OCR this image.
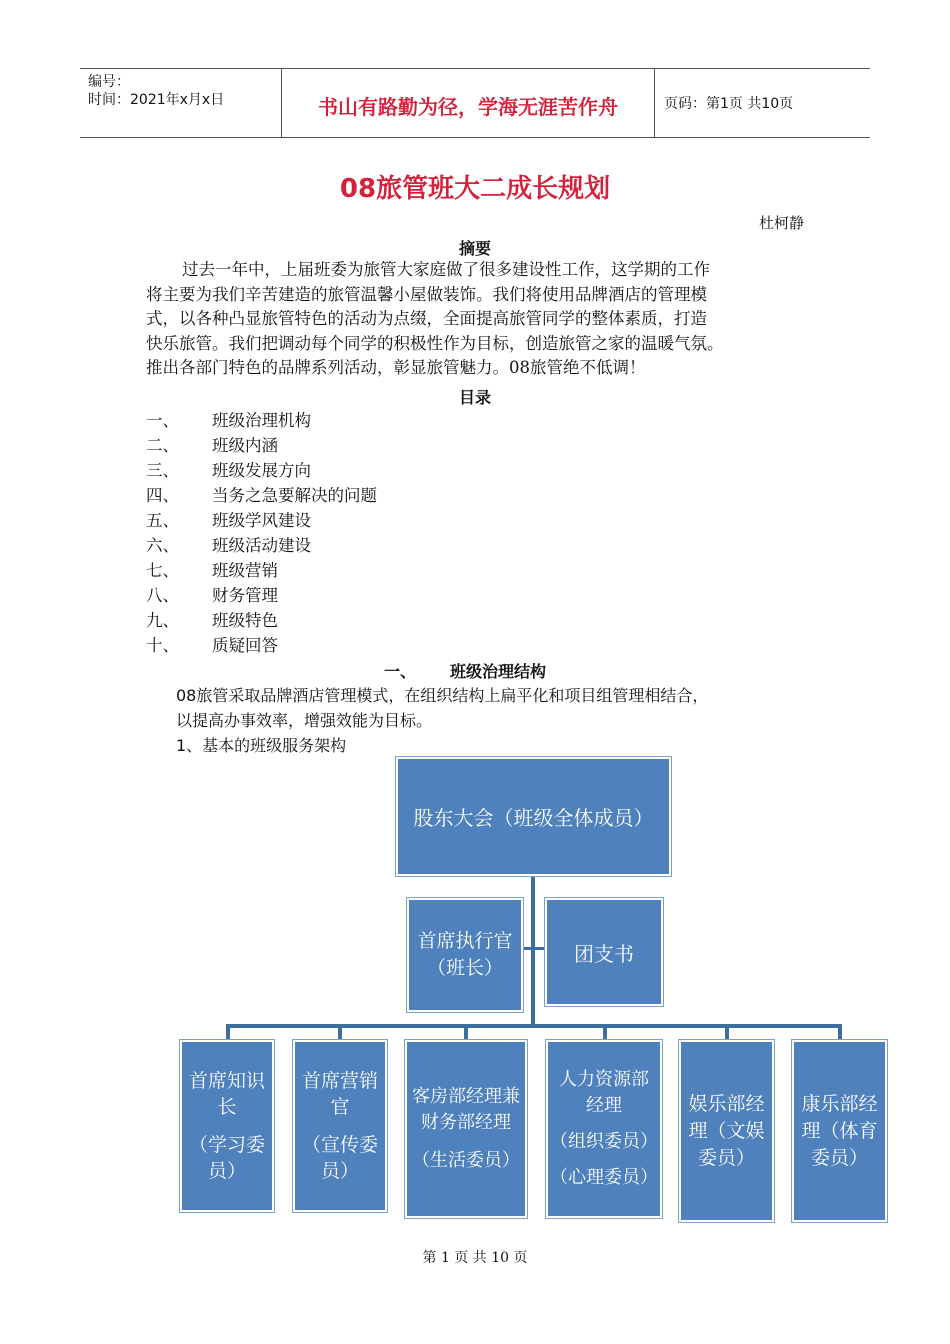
编号：
时间：2021年x月x日	书山有路勤为径，学海无涯苦作舟	页码：第1页 共10页
08旅管班大二成长规划
杜柯静
摘要
过去一年中，上届班委为旅管大家庭做了很多建设性工作，这学期的工作
将主要为我们辛苦建造的旅管温馨小屋做装饰。我们将使用品牌酒店的管理模
式，以各种凸显旅管特色的活动为点缀，全面提高旅管同学的整体素质，打造
快乐旅管。我们把调动每个同学的积极性作为目标，创造旅管之家的温暖气氛。
推出各部门特色的品牌系列活动，彰显旅管魅力。08旅管绝不低调！
目录
一、	班级治理机构
二、	班级内涵
三、	班级发展方向
四、	当务之急要解决的问题
五、	班级学风建设
六、	班级活动建设
七、	班级营销
八、	财务管理
九、	班级特色
十、	质疑回答
一、	班级治理结构
08旅管采取品牌酒店管理模式，在组织结构上扁平化和项目组管理相结合，
以提高办事效率，增强效能为目标。
1、基本的班级服务架构
股东大会（班级全体成员）
首席执行官
（班长）
团支书
首席知识
长
（学习委
员）
首席营销
官
（宣传委
员）
客房部经理兼
财务部经理
（生活委员）
人力资源部
经理
（组织委员）
（心理委员）
娱乐部经
理（文娱
委员）
康乐部经
理（体育
委员）
第 1 页 共 10 页
